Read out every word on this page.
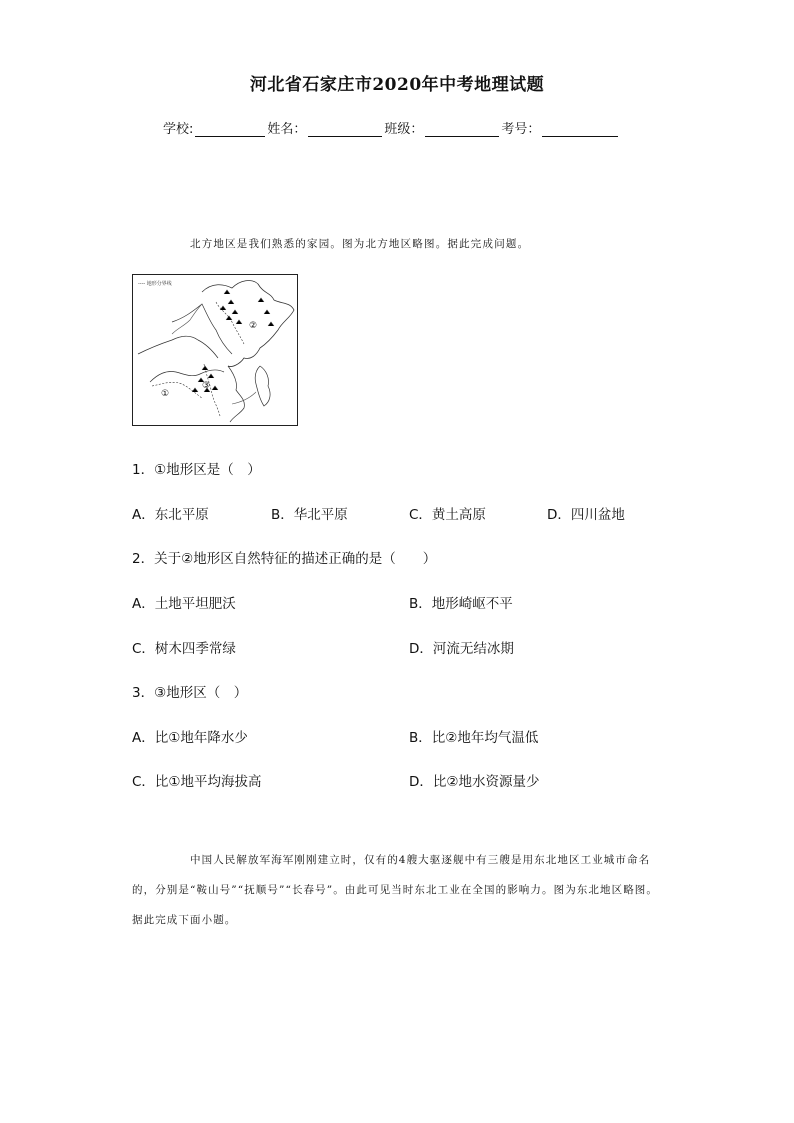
河北省石家庄市2020年中考地理试题
学校:	姓名：	班级：	考号：
北方地区是我们熟悉的家园。图为北方地区略图。据此完成问题。
---- 地形分界线
①
②
③
1．①地形区是（　）
A．东北平原	B．华北平原	C．黄土高原	D．四川盆地
2．关于②地形区自然特征的描述正确的是（　　）
A．土地平坦肥沃	B．地形崎岖不平
C．树木四季常绿	D．河流无结冰期
3．③地形区（　）
A．比①地年降水少	B．比②地年均气温低
C．比①地平均海拔高	D．比②地水资源量少
中国人民解放军海军刚刚建立时，仅有的4艘大驱逐舰中有三艘是用东北地区工业城市命名的，分别是“鞍山号”“抚顺号”“长春号”。由此可见当时东北工业在全国的影响力。图为东北地区略图。据此完成下面小题。
